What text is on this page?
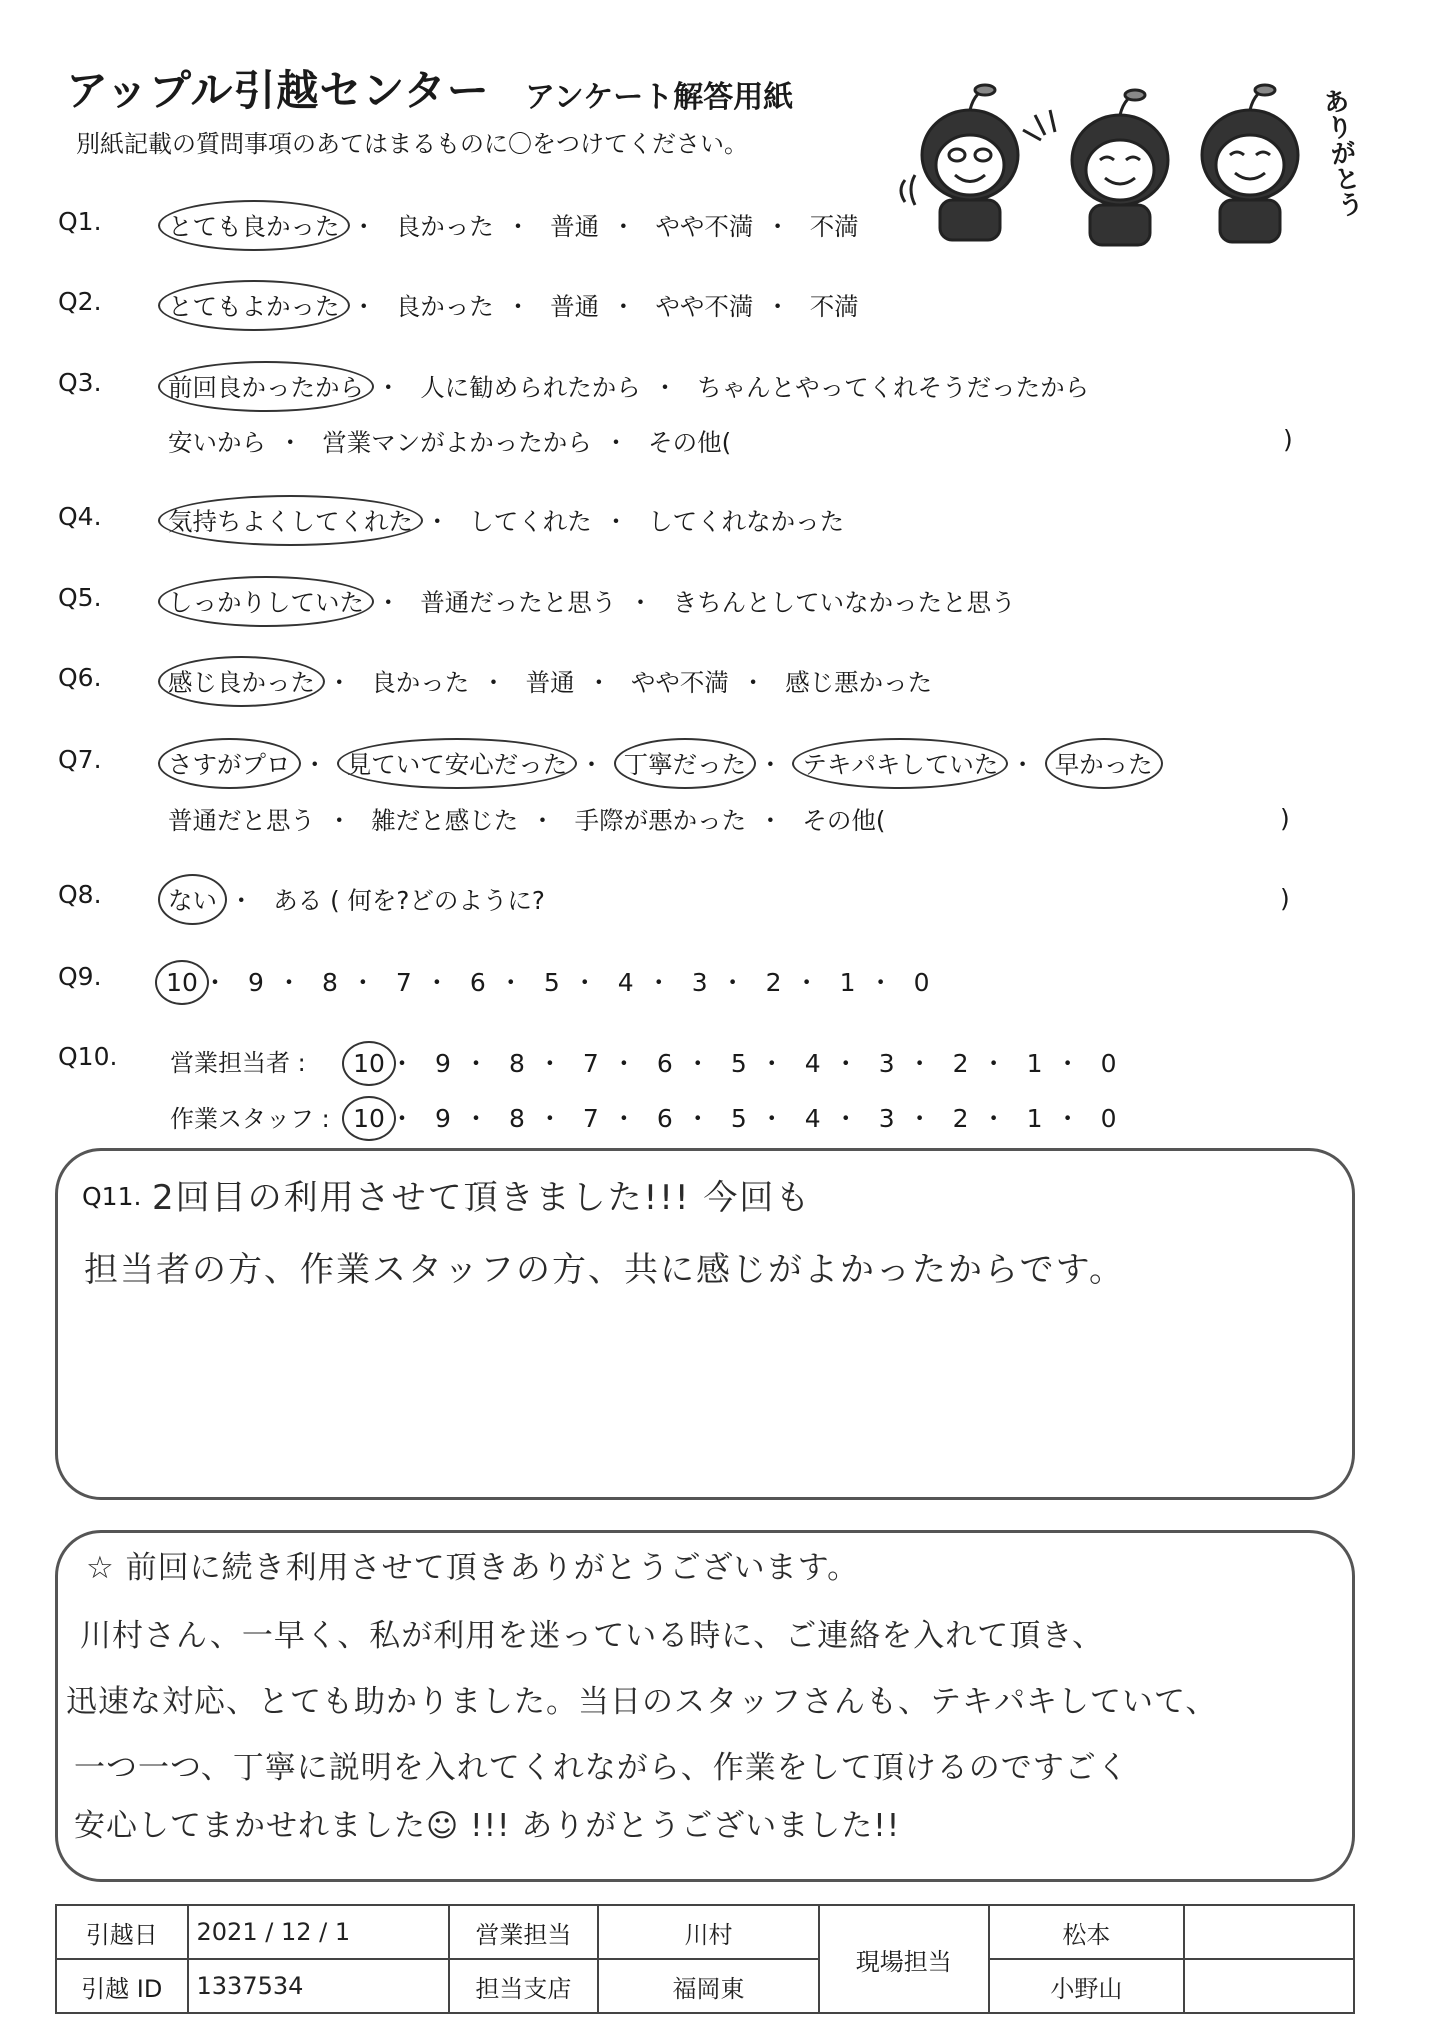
アップル引越センター アンケート解答用紙
別紙記載の質問事項のあてはまるものに〇をつけてください。	ありがとう
Q1.	とても良かった ・ 良かった ・ 普通 ・ やや不満 ・ 不満
Q2.	とてもよかった ・ 良かった ・ 普通 ・ やや不満 ・ 不満
Q3.	前回良かったから ・ 人に勧められたから ・ ちゃんとやってくれそうだったから
安いから ・ 営業マンがよかったから ・ その他(	)
Q4.	気持ちよくしてくれた ・ してくれた ・ してくれなかった
Q5.	しっかりしていた ・ 普通だったと思う ・ きちんとしていなかったと思う
Q6.	感じ良かった ・ 良かった ・ 普通 ・ やや不満 ・ 感じ悪かった
Q7.	さすがプロ ・ 見ていて安心だった ・ 丁寧だった ・ テキパキしていた ・ 早かった
普通だと思う ・ 雑だと感じた ・ 手際が悪かった ・ その他(	)
Q8.	ない ・ ある ( 何を?どのように?	)
Q9.	10 ・ 9 ・ 8 ・ 7 ・ 6 ・ 5 ・ 4 ・ 3 ・ 2 ・ 1 ・ 0
Q10. 営業担当者 : 10 ・ 9 ・ 8 ・ 7 ・ 6 ・ 5 ・ 4 ・ 3 ・ 2 ・ 1 ・ 0
作業スタッフ : 10 ・ 9 ・ 8 ・ 7 ・ 6 ・ 5 ・ 4 ・ 3 ・ 2 ・ 1 ・ 0
Q11. 2回目の利用させて頂きました!!! 今回も
担当者の方、作業スタッフの方、共に感じがよかったからです。
☆ 前回に続き利用させて頂きありがとうございます。
川村さん、一早く、私が利用を迷っている時に、ご連絡を入れて頂き、
迅速な対応、とても助かりました。当日のスタッフさんも、テキパキしていて、
一つ一つ、丁寧に説明を入れてくれながら、作業をして頂けるのですごく
安心してまかせれました☺ !!! ありがとうございました!!
引越日	2021 / 12 / 1	営業担当	川村	現場担当	松本	
引越 ID	1337534	担当支店	福岡東		小野山	
